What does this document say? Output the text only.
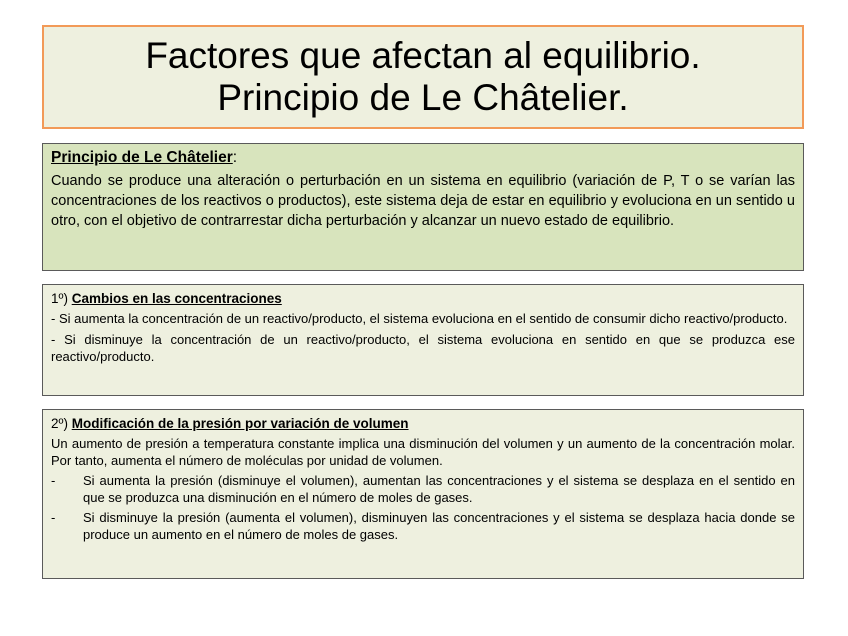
Factores que afectan al equilibrio.
Principio de Le Châtelier.
Principio de Le Châtelier:
Cuando se produce una alteración o perturbación en un sistema en equilibrio (variación de P, T o se varían las concentraciones de los reactivos o productos), este sistema deja de estar en equilibrio y evoluciona en un sentido u otro, con el objetivo de contrarrestar dicha perturbación y alcanzar un nuevo estado de equilibrio.
1º) Cambios en las concentraciones
- Si aumenta la concentración de un reactivo/producto, el sistema evoluciona en el sentido de consumir dicho reactivo/producto.
- Si disminuye la concentración de un reactivo/producto, el sistema evoluciona en sentido en que se produzca ese reactivo/producto.
2º) Modificación de la presión por variación de volumen
Un aumento de presión a temperatura constante implica una disminución del volumen y un aumento de la concentración molar. Por tanto, aumenta el número de moléculas por unidad de volumen.
-	Si aumenta la presión (disminuye el volumen), aumentan las concentraciones y el sistema se desplaza en el sentido en que se produzca una disminución en el número de moles de gases.
-	Si disminuye la presión (aumenta el volumen), disminuyen las concentraciones y el sistema se desplaza hacia donde se produce un aumento en el número de moles de gases.
